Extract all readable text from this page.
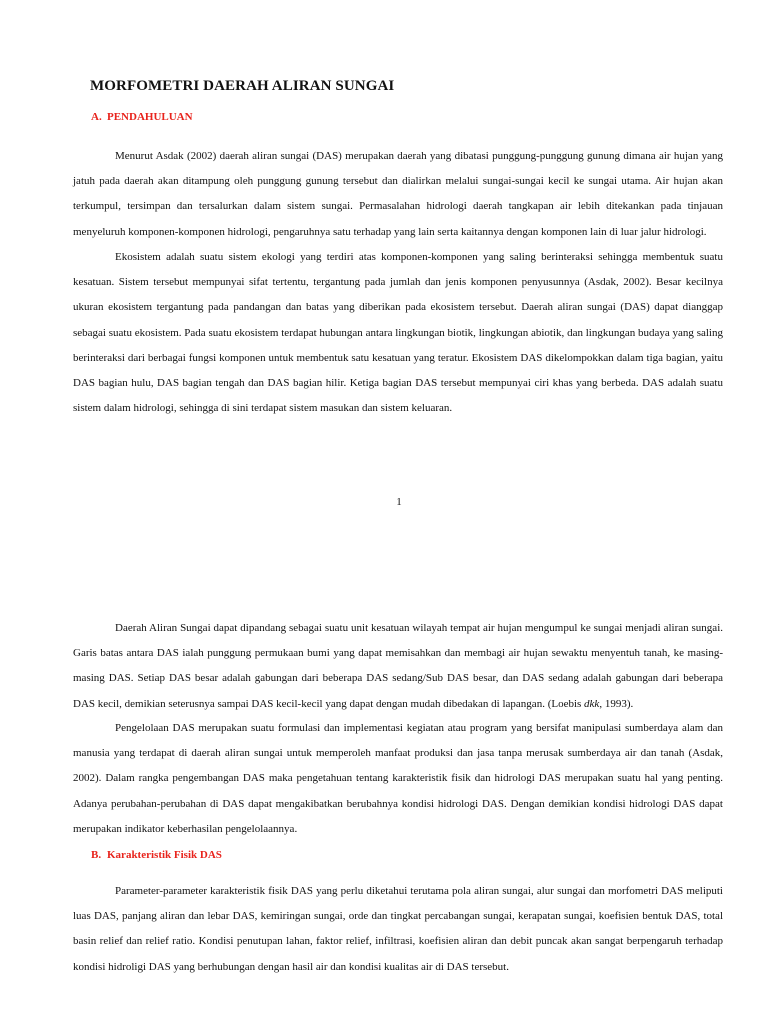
MORFOMETRI DAERAH ALIRAN SUNGAI
A. PENDAHULUAN
Menurut Asdak (2002) daerah aliran sungai (DAS) merupakan daerah yang dibatasi punggung-punggung gunung dimana air hujan yang jatuh pada daerah akan ditampung oleh punggung gunung tersebut dan dialirkan melalui sungai-sungai kecil ke sungai utama. Air hujan akan terkumpul, tersimpan dan tersalurkan dalam sistem sungai. Permasalahan hidrologi daerah tangkapan air lebih ditekankan pada tinjauan menyeluruh komponen-komponen hidrologi, pengaruhnya satu terhadap yang lain serta kaitannya dengan komponen lain di luar jalur hidrologi.
Ekosistem adalah suatu sistem ekologi yang terdiri atas komponen-komponen yang saling berinteraksi sehingga membentuk suatu kesatuan. Sistem tersebut mempunyai sifat tertentu, tergantung pada jumlah dan jenis komponen penyusunnya (Asdak, 2002). Besar kecilnya ukuran ekosistem tergantung pada pandangan dan batas yang diberikan pada ekosistem tersebut. Daerah aliran sungai (DAS) dapat dianggap sebagai suatu ekosistem. Pada suatu ekosistem terdapat hubungan antara lingkungan biotik, lingkungan abiotik, dan lingkungan budaya yang saling berinteraksi dari berbagai fungsi komponen untuk membentuk satu kesatuan yang teratur. Ekosistem DAS dikelompokkan dalam tiga bagian, yaitu DAS bagian hulu, DAS bagian tengah dan DAS bagian hilir. Ketiga bagian DAS tersebut mempunyai ciri khas yang berbeda. DAS adalah suatu sistem dalam hidrologi, sehingga di sini terdapat sistem masukan dan sistem keluaran.
1
Daerah Aliran Sungai dapat dipandang sebagai suatu unit kesatuan wilayah tempat air hujan mengumpul ke sungai menjadi aliran sungai. Garis batas antara DAS ialah punggung permukaan bumi yang dapat memisahkan dan membagi air hujan sewaktu menyentuh tanah, ke masing-masing DAS. Setiap DAS besar adalah gabungan dari beberapa DAS sedang/Sub DAS besar, dan DAS sedang adalah gabungan dari beberapa DAS kecil, demikian seterusnya sampai DAS kecil-kecil yang dapat dengan mudah dibedakan di lapangan. (Loebis dkk, 1993).
Pengelolaan DAS merupakan suatu formulasi dan implementasi kegiatan atau program yang bersifat manipulasi sumberdaya alam dan manusia yang terdapat di daerah aliran sungai untuk memperoleh manfaat produksi dan jasa tanpa merusak sumberdaya air dan tanah (Asdak, 2002). Dalam rangka pengembangan DAS maka pengetahuan tentang karakteristik fisik dan hidrologi DAS merupakan suatu hal yang penting. Adanya perubahan-perubahan di DAS dapat mengakibatkan berubahnya kondisi hidrologi DAS. Dengan demikian kondisi hidrologi DAS dapat merupakan indikator keberhasilan pengelolaannya.
B. Karakteristik Fisik DAS
Parameter-parameter karakteristik fisik DAS yang perlu diketahui terutama pola aliran sungai, alur sungai dan morfometri DAS meliputi luas DAS, panjang aliran dan lebar DAS, kemiringan sungai, orde dan tingkat percabangan sungai, kerapatan sungai, koefisien bentuk DAS, total basin relief dan relief ratio. Kondisi penutupan lahan, faktor relief, infiltrasi, koefisien aliran dan debit puncak akan sangat berpengaruh terhadap kondisi hidroligi DAS yang berhubungan dengan hasil air dan kondisi kualitas air di DAS tersebut.
